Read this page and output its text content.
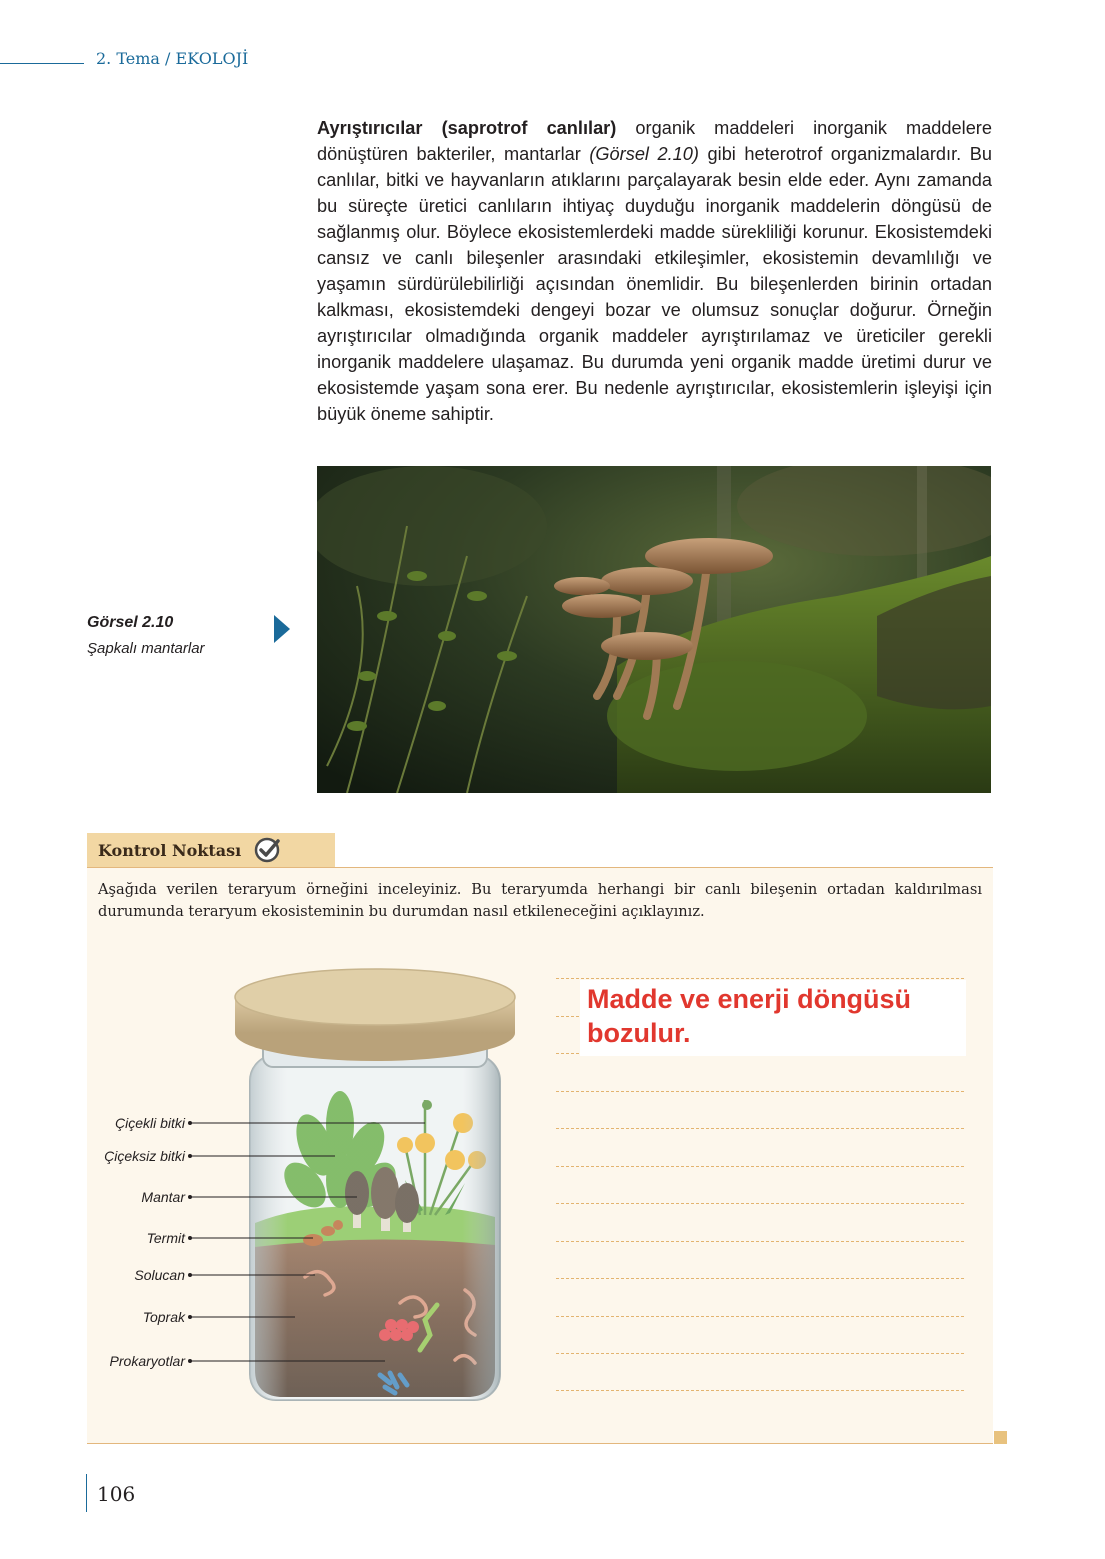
2. Tema / EKOLOJİ

Ayrıştırıcılar (saprotrof canlılar) organik maddeleri inorganik maddelere dönüştüren bakteriler, mantarlar (Görsel 2.10) gibi heterotrof organizmalardır. Bu canlılar, bitki ve hayvanların atıklarını parçalayarak besin elde eder. Aynı zamanda bu süreçte üretici canlıların ihtiyaç duyduğu inorganik maddelerin döngüsü de sağlanmış olur. Böylece ekosistemlerdeki madde sürekliliği korunur. Ekosistemdeki cansız ve canlı bileşenler arasındaki etkileşimler, ekosistemin devamlılığı ve yaşamın sürdürülebilirliği açısından önemlidir. Bu bileşenlerden birinin ortadan kalkması, ekosistemdeki dengeyi bozar ve olumsuz sonuçlar doğurur. Örneğin ayrıştırıcılar olmadığında organik maddeler ayrıştırılamaz ve üreticiler gerekli inorganik maddelere ulaşamaz. Bu durumda yeni organik madde üretimi durur ve ekosistemde yaşam sona erer. Bu nedenle ayrıştırıcılar, ekosistemlerin işleyişi için büyük öneme sahiptir.

Görsel 2.10
Şapkalı mantarlar
Kontrol Noktası

Aşağıda verilen teraryum örneğini inceleyiniz. Bu teraryumda herhangi bir canlı bileşenin ortadan kaldırılması durumunda teraryum ekosisteminin bu durumdan nasıl etkileneceğini açıklayınız.

Madde ve enerji döngüsü bozulur.

Çiçekli bitki
Çiçeksiz bitki
Mantar
Termit
Solucan
Toprak
Prokaryotlar
106
